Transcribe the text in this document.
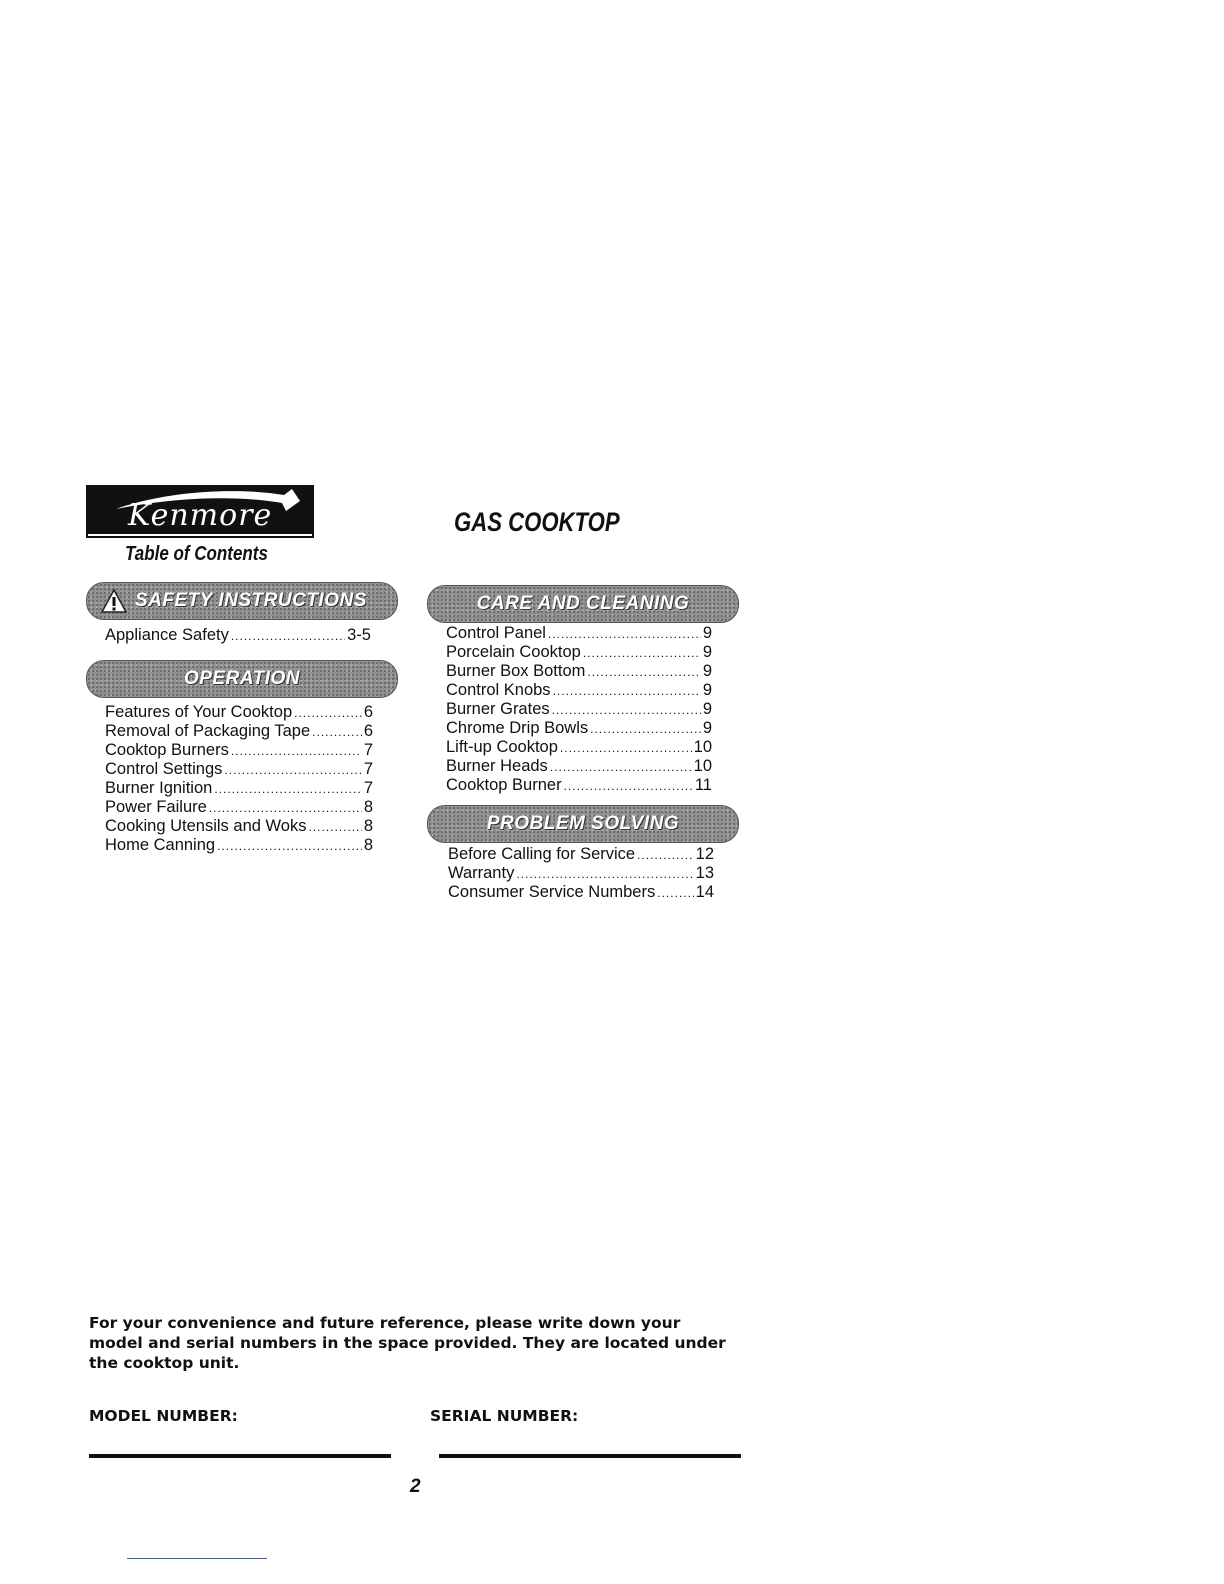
Kenmore
Table of Contents
GAS COOKTOP
SAFETY INSTRUCTIONS
Appliance Safety .....	3-5
OPERATION
Features of Your Cooktop .....	6
Removal of Packaging Tape .....	6
Cooktop Burners .....	7
Control Settings .....	7
Burner Ignition .....	7
Power Failure .....	8
Cooking Utensils and Woks .....	8
Home Canning .....	8
CARE AND CLEANING
Control Panel .....	9
Porcelain Cooktop .....	9
Burner Box Bottom .....	9
Control Knobs .....	9
Burner Grates .....	9
Chrome Drip Bowls .....	9
Lift-up Cooktop .....	10
Burner Heads .....	10
Cooktop Burner .....	11
PROBLEM SOLVING
Before Calling for Service .....	12
Warranty .....	13
Consumer Service Numbers ..... 14
For your convenience and future reference, please write down your model and serial numbers in the space provided. They are located under the cooktop unit.
MODEL NUMBER:	SERIAL NUMBER:
2
